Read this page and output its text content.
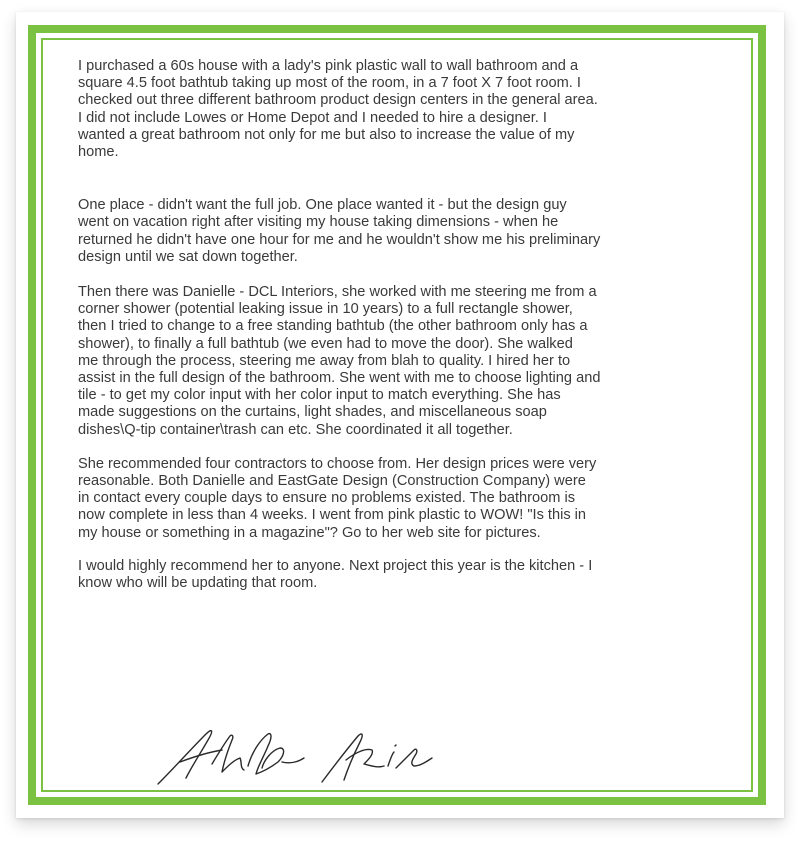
I purchased a 60s house with a lady's pink plastic wall to wall bathroom and a
square 4.5 foot bathtub taking up most of the room, in a 7 foot X 7 foot room. I
checked out three different bathroom product design centers in the general area.
I did not include Lowes or Home Depot and I needed to hire a designer. I
wanted a great bathroom not only for me but also to increase the value of my
home.

One place - didn't want the full job. One place wanted it - but the design guy
went on vacation right after visiting my house taking dimensions - when he
returned he didn't have one hour for me and he wouldn't show me his preliminary
design until we sat down together.

Then there was Danielle - DCL Interiors, she worked with me steering me from a
corner shower (potential leaking issue in 10 years) to a full rectangle shower,
then I tried to change to a free standing bathtub (the other bathroom only has a
shower), to finally a full bathtub (we even had to move the door). She walked
me through the process, steering me away from blah to quality. I hired her to
assist in the full design of the bathroom. She went with me to choose lighting and
tile - to get my color input with her color input to match everything. She has
made suggestions on the curtains, light shades, and miscellaneous soap
dishes\Q-tip container\trash can etc. She coordinated it all together.

She recommended four contractors to choose from. Her design prices were very
reasonable. Both Danielle and EastGate Design (Construction Company) were
in contact every couple days to ensure no problems existed. The bathroom is
now complete in less than 4 weeks. I went from pink plastic to WOW! "Is this in
my house or something in a magazine"? Go to her web site for pictures.

I would highly recommend her to anyone. Next project this year is the kitchen - I
know who will be updating that room.
